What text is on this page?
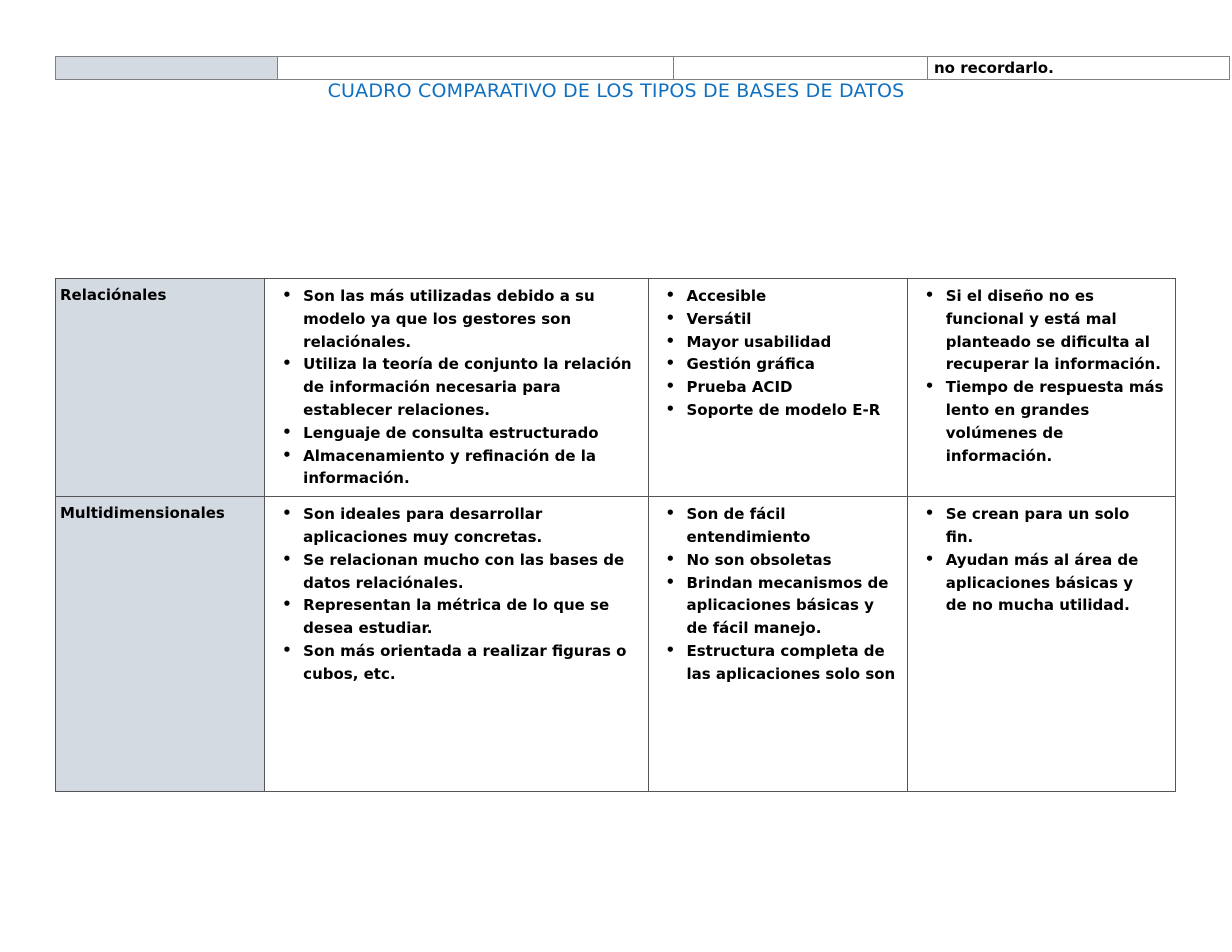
			no recordarlo.
CUADRO COMPARATIVO DE LOS TIPOS DE BASES DE DATOS
Relaciónales	
•Son las más utilizadas debido a su
modelo ya que los gestores son
relaciónales.
• Utiliza la teoría de conjunto la relación
de información necesaria para establecer relaciones.
• Lenguaje de consulta estructurado
• Almacenamiento y refinación de la información.

• Accesible
• Versátil
• Mayor usabilidad
• Gestión gráfica
• Prueba ACID
• Soporte de modelo E-R

• Si el diseño no es funcional y está mal
planteado se dificulta al recuperar la información.
• Tiempo de respuesta más lento en grandes volúmenes de información.

Multidimensionales	
•Son ideales para desarrollar aplicaciones muy concretas.
• Se relacionan mucho con las bases de
datos relaciónales.
• Representan la métrica de lo que se
desea estudiar.
• Son más orientada a realizar figuras o
cubos, etc.

• Son de fácil entendimiento
• No son obsoletas
• Brindan mecanismos de aplicaciones básicas y
de fácil manejo.
• Estructura completa de
las aplicaciones solo son

• Se crean para un solo
fin.
• Ayudan más al área de
aplicaciones básicas y
de no mucha utilidad.
